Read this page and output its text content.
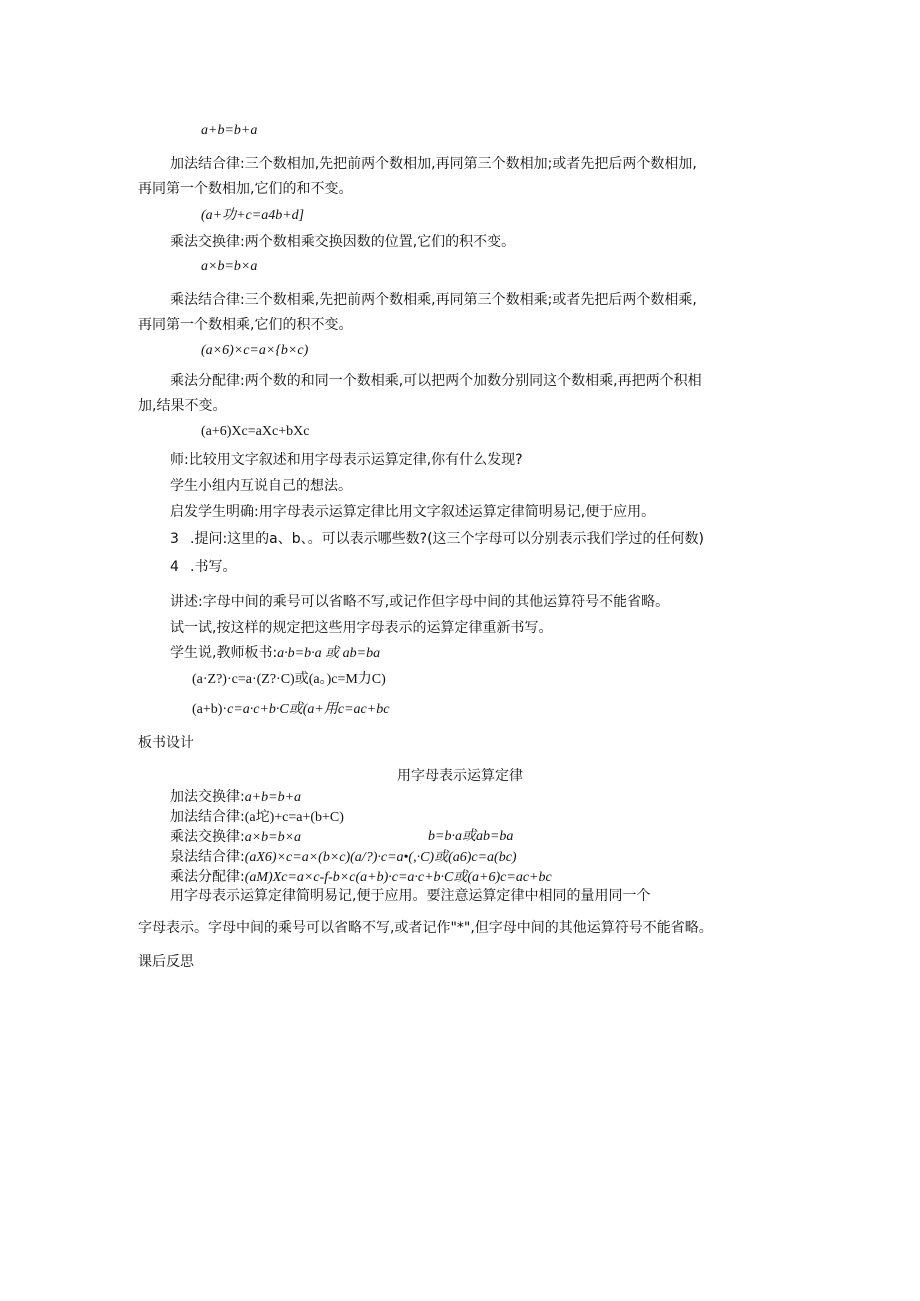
a+b=b+a
加法结合律:三个数相加,先把前两个数相加,再同第三个数相加;或者先把后两个数相加,
再同第一个数相加,它们的和不变。
(a+功+c=a4b+d]
乘法交换律:两个数相乘交换因数的位置,它们的积不变。
a×b=b×a
乘法结合律:三个数相乘,先把前两个数相乘,再同第三个数相乘;或者先把后两个数相乘,
再同第一个数相乘,它们的积不变。
(a×6)×c=a×{b×c)
乘法分配律:两个数的和同一个数相乘,可以把两个加数分别同这个数相乘,再把两个积相
加,结果不变。
(a+6)Xc=aXc+bXc
师:比较用文字叙述和用字母表示运算定律,你有什么发现?
学生小组内互说自己的想法。
启发学生明确:用字母表示运算定律比用文字叙述运算定律简明易记,便于应用。
3 .提问:这里的a、b、。可以表示哪些数?(这三个字母可以分别表示我们学过的任何数)
4 .书写。
讲述:字母中间的乘号可以省略不写,或记作但字母中间的其他运算符号不能省略。
试一试,按这样的规定把这些用字母表示的运算定律重新书写。
学生说,教师板书:a·b=b·a 或 ab=ba
(a·Z?)·c=a·(Z?·C)或(a。)c=M力C)
(a+b)·c=a·c+b·C或(a+用c=ac+bc
板书设计
用字母表示运算定律
加法交换律:a+b=b+a
加法结合律:(a坨)+c=a+(b+C)
乘法交换律:a×b=b×a	b=b·a或ab=ba
泉法结合律:(aX6)×c=a×(b×c)(a/?)·c=a•(,·C)或(a6)c=a(bc)
乘法分配律:(aM)Xc=a×c-f-b×c(a+b)·c=a·c+b·C或(a+6)c=ac+bc
用字母表示运算定律简明易记,便于应用。要注意运算定律中相同的量用同一个
字母表示。字母中间的乘号可以省略不写,或者记作"*",但字母中间的其他运算符号不能省略。
课后反思
